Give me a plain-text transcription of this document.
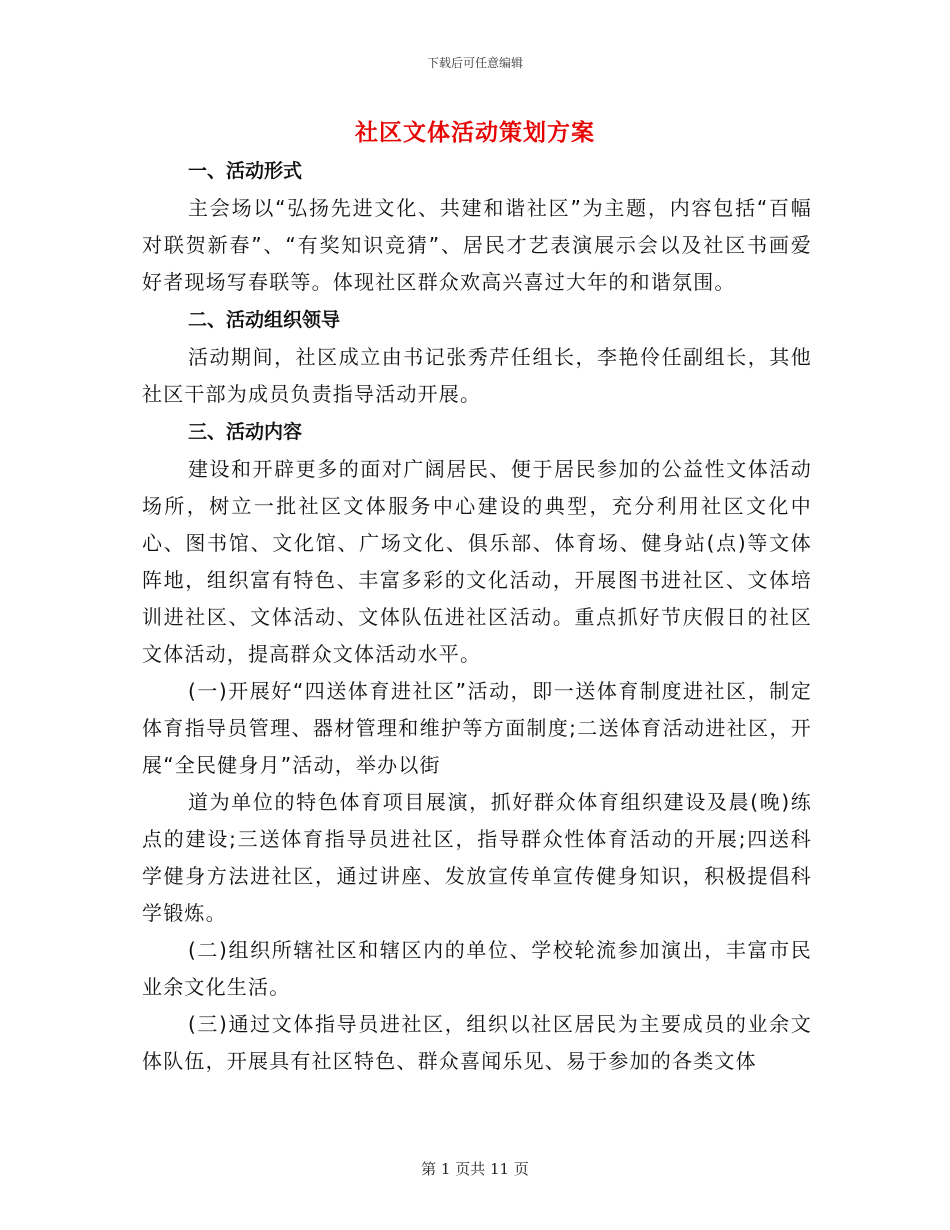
下载后可任意编辑
社区文体活动策划方案
一、活动形式

主会场以“弘扬先进文化、共建和谐社区”为主题，内容包括“百幅对联贺新春”、“有奖知识竞猜”、居民才艺表演展示会以及社区书画爱好者现场写春联等。体现社区群众欢高兴喜过大年的和谐氛围。

二、活动组织领导

活动期间，社区成立由书记张秀芹任组长，李艳伶任副组长，其他社区干部为成员负责指导活动开展。

三、活动内容

建设和开辟更多的面对广阔居民、便于居民参加的公益性文体活动场所，树立一批社区文体服务中心建设的典型，充分利用社区文化中心、图书馆、文化馆、广场文化、俱乐部、体育场、健身站(点)等文体阵地，组织富有特色、丰富多彩的文化活动，开展图书进社区、文体培训进社区、文体活动、文体队伍进社区活动。重点抓好节庆假日的社区文体活动，提高群众文体活动水平。

(一)开展好“四送体育进社区”活动，即一送体育制度进社区，制定体育指导员管理、器材管理和维护等方面制度;二送体育活动进社区，开展“全民健身月”活动，举办以街

道为单位的特色体育项目展演，抓好群众体育组织建设及晨(晚)练点的建设;三送体育指导员进社区，指导群众性体育活动的开展;四送科学健身方法进社区，通过讲座、发放宣传单宣传健身知识，积极提倡科学锻炼。

(二)组织所辖社区和辖区内的单位、学校轮流参加演出，丰富市民业余文化生活。

(三)通过文体指导员进社区，组织以社区居民为主要成员的业余文体队伍，开展具有社区特色、群众喜闻乐见、易于参加的各类文体

第 1 页共 11 页
